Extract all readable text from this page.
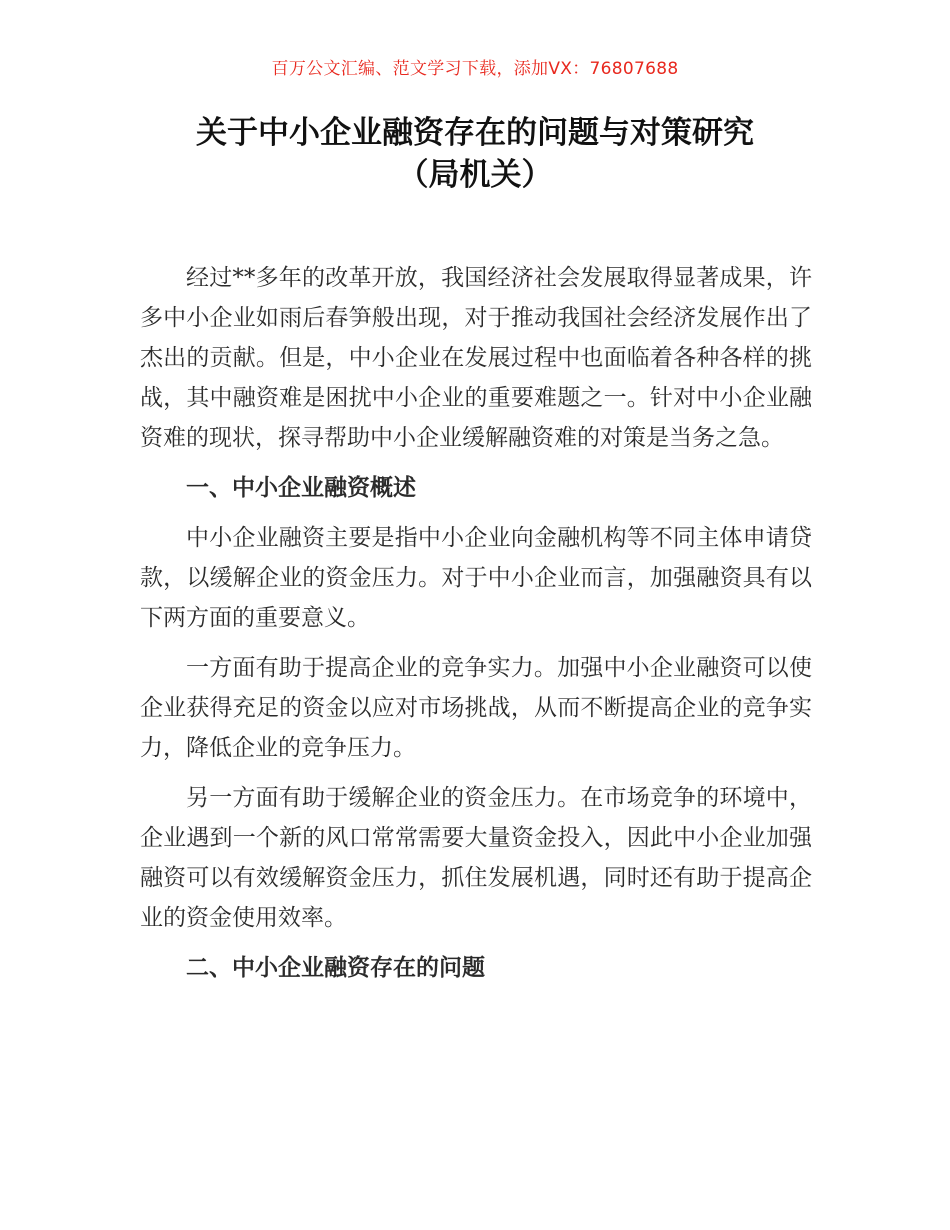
百万公文汇编、范文学习下载，添加VX：76807688
关于中小企业融资存在的问题与对策研究
（局机关）

经过**多年的改革开放，我国经济社会发展取得显著成果，许多中小企业如雨后春笋般出现，对于推动我国社会经济发展作出了杰出的贡献。但是，中小企业在发展过程中也面临着各种各样的挑战，其中融资难是困扰中小企业的重要难题之一。针对中小企业融资难的现状，探寻帮助中小企业缓解融资难的对策是当务之急。

一、中小企业融资概述

中小企业融资主要是指中小企业向金融机构等不同主体申请贷款，以缓解企业的资金压力。对于中小企业而言，加强融资具有以下两方面的重要意义。

一方面有助于提高企业的竞争实力。加强中小企业融资可以使企业获得充足的资金以应对市场挑战，从而不断提高企业的竞争实力，降低企业的竞争压力。

另一方面有助于缓解企业的资金压力。在市场竞争的环境中，企业遇到一个新的风口常常需要大量资金投入，因此中小企业加强融资可以有效缓解资金压力，抓住发展机遇，同时还有助于提高企业的资金使用效率。

二、中小企业融资存在的问题
